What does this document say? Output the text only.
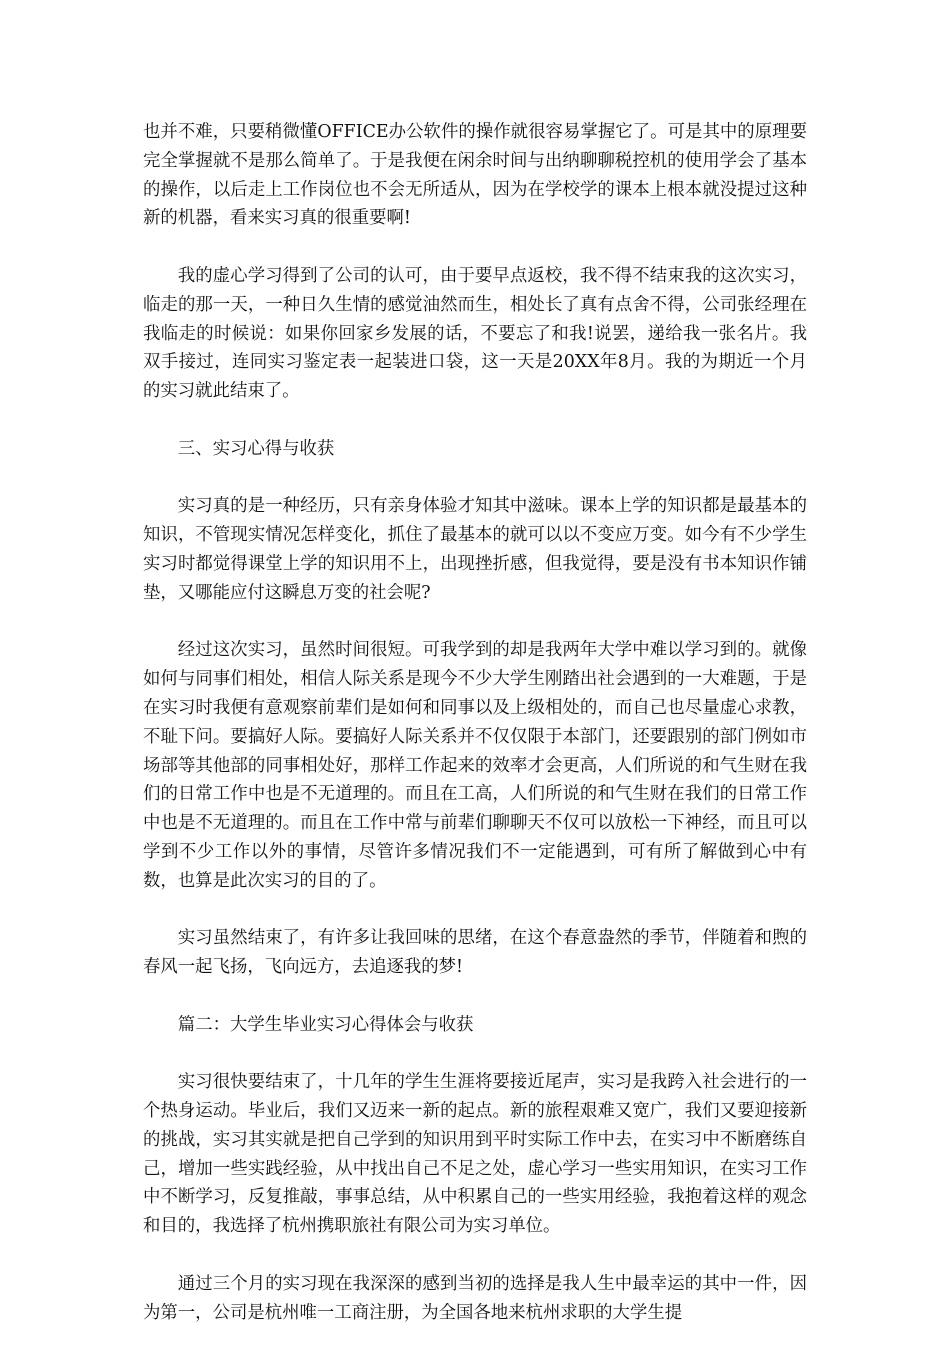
也并不难，只要稍微懂OFFICE办公软件的操作就很容易掌握它了。可是其中的原理要完全掌握就不是那么简单了。于是我便在闲余时间与出纳聊聊税控机的使用学会了基本的操作，以后走上工作岗位也不会无所适从，因为在学校学的课本上根本就没提过这种新的机器，看来实习真的很重要啊!

我的虚心学习得到了公司的认可，由于要早点返校，我不得不结束我的这次实习，临走的那一天，一种日久生情的感觉油然而生，相处长了真有点舍不得，公司张经理在我临走的时候说：如果你回家乡发展的话，不要忘了和我!说罢，递给我一张名片。我双手接过，连同实习鉴定表一起装进口袋，这一天是20XX年8月。我的为期近一个月的实习就此结束了。

三、实习心得与收获

实习真的是一种经历，只有亲身体验才知其中滋味。课本上学的知识都是最基本的知识，不管现实情况怎样变化，抓住了最基本的就可以以不变应万变。如今有不少学生实习时都觉得课堂上学的知识用不上，出现挫折感，但我觉得，要是没有书本知识作铺垫，又哪能应付这瞬息万变的社会呢?

经过这次实习，虽然时间很短。可我学到的却是我两年大学中难以学习到的。就像如何与同事们相处，相信人际关系是现今不少大学生刚踏出社会遇到的一大难题，于是在实习时我便有意观察前辈们是如何和同事以及上级相处的，而自己也尽量虚心求教，不耻下问。要搞好人际。要搞好人际关系并不仅仅限于本部门，还要跟别的部门例如市场部等其他部的同事相处好，那样工作起来的效率才会更高，人们所说的和气生财在我们的日常工作中也是不无道理的。而且在工高，人们所说的和气生财在我们的日常工作中也是不无道理的。而且在工作中常与前辈们聊聊天不仅可以放松一下神经，而且可以学到不少工作以外的事情，尽管许多情况我们不一定能遇到，可有所了解做到心中有数，也算是此次实习的目的了。

实习虽然结束了，有许多让我回味的思绪，在这个春意盎然的季节，伴随着和煦的春风一起飞扬，飞向远方，去追逐我的梦!

篇二：大学生毕业实习心得体会与收获

实习很快要结束了，十几年的学生生涯将要接近尾声，实习是我跨入社会进行的一个热身运动。毕业后，我们又迈来一新的起点。新的旅程艰难又宽广，我们又要迎接新的挑战，实习其实就是把自己学到的知识用到平时实际工作中去，在实习中不断磨练自己，增加一些实践经验，从中找出自己不足之处，虚心学习一些实用知识，在实习工作中不断学习，反复推敲，事事总结，从中积累自己的一些实用经验，我抱着这样的观念和目的，我选择了杭州携职旅社有限公司为实习单位。

通过三个月的实习现在我深深的感到当初的选择是我人生中最幸运的其中一件，因为第一，公司是杭州唯一工商注册，为全国各地来杭州求职的大学生提
